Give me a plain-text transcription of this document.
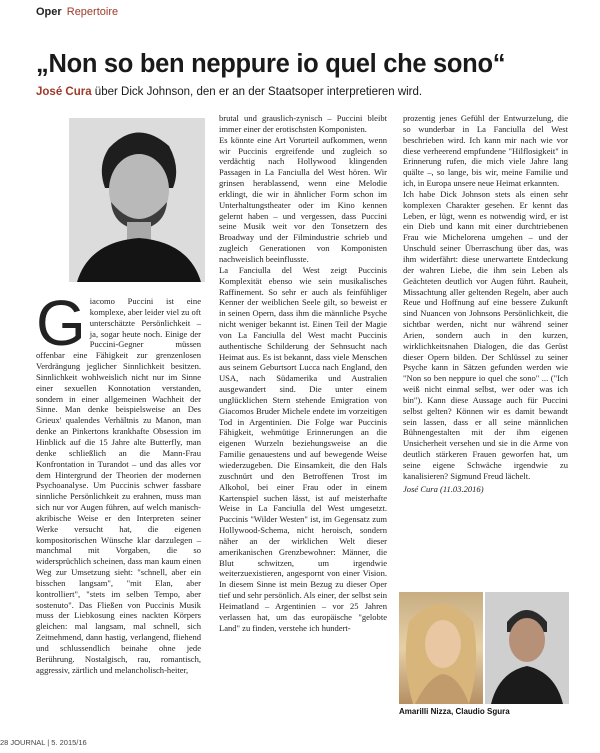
Oper Repertoire
„Non so ben neppure io quel che sono“
José Cura über Dick Johnson, den er an der Staatsoper interpretieren wird.

Giacomo Puccini ist eine komplexe, aber leider viel zu oft unterschätzte Persönlichkeit – ja, sogar heute noch. Einige der Puccini-Gegner müssen offenbar eine Fähigkeit zur grenzenlosen Verdrängung jeglicher Sinnlichkeit besitzen. Sinnlichkeit wohlweislich nicht nur im Sinne einer sexuellen Konnotation verstanden, sondern in einer allgemeinen Wachheit der Sinne. Man denke beispielsweise an Des Grieux' qualendes Verhältnis zu Manon, man denke an Pinkertons krankhafte Obsession im Hinblick auf die 15 Jahre alte Butterfly, man denke schließlich an die Mann-Frau Konfrontation in Turandot – und das alles vor dem Hintergrund der Theorien der modernen Psychoanalyse. Um Puccinis schwer fassbare sinnliche Persönlichkeit zu erahnen, muss man sich nur vor Augen führen, auf welch manisch-akribische Weise er den Interpreten seiner Werke versucht hat, die eigenen kompositorischen Wünsche klar darzulegen – manchmal mit Vorgaben, die so widersprüchlich scheinen, dass man kaum einen Weg zur Umsetzung sieht: "schnell, aber ein bisschen langsam", "mit Elan, aber kontrolliert", "stets im selben Tempo, aber sostenuto". Das Fließen von Puccinis Musik muss der Liebkosung eines nackten Körpers gleichen: mal langsam, mal schnell, sich Zeitnehmend, dann hastig, verlangend, fliehend und schlussendlich beinahe ohne jede Berührung. Nostalgisch, rau, romantisch, aggressiv, zärtlich und melancholisch-heiter,

brutal und grauslich-zynisch – Puccini bleibt immer einer der erotischsten Komponisten.

Es könnte eine Art Vorurteil aufkommen, wenn wir Puccinis ergreifende und zugleich so verdächtig nach Hollywood klingenden Passagen in La Fanciulla del West hören. Wir grinsen herablassend, wenn eine Melodie erklingt, die wir in ähnlicher Form schon im Unterhaltungstheater oder im Kino kennen gelernt haben – und vergessen, dass Puccini seine Musik weit vor den Tonsetzern des Broadway und der Filmindustrie schrieb und zugleich Generationen von Komponisten nachweislich beeinflusste.

La Fanciulla del West zeigt Puccinis Komplexität ebenso wie sein musikalisches Raffinement. So sehr er auch als feinfühliger Kenner der weiblichen Seele gilt, so beweist er in seinen Opern, dass ihm die männliche Psyche nicht weniger bekannt ist. Einen Teil der Magie von La Fanciulla del West macht Puccinis authentische Schilderung der Sehnsucht nach Heimat aus. Es ist bekannt, dass viele Menschen aus seinem Geburtsort Lucca nach England, den USA, nach Südamerika und Australien ausgewandert sind. Die unter einem unglücklichen Stern stehende Emigration von Giacomos Bruder Michele endete im vorzeitigen Tod in Argentinien. Die Folge war Puccinis Fähigkeit, wehmütige Erinnerungen an die eigenen Wurzeln beziehungsweise an die Familie genauestens und auf bewegende Weise wiederzugeben. Die Einsamkeit, die den Hals zuschnürt und den Betroffenen Trost im Alkohol, bei einer Frau oder in einem Kartenspiel suchen lässt, ist auf meisterhafte Weise in La Fanciulla del West umgesetzt. Puccinis "Wilder Westen" ist, im Gegensatz zum Hollywood-Schema, nicht heroisch, sondern näher an der wirklichen Welt dieser amerikanischen Grenzbewohner: Männer, die Blut schwitzen, um irgendwie weiterzuexistieren, angespornt von einer Vision. In diesem Sinne ist mein Bezug zu dieser Oper tief und sehr persönlich. Als einer, der selbst sein Heimatland – Argentinien – vor 25 Jahren verlassen hat, um das europäische "gelobte Land" zu finden, verstehe ich hundert-

prozentig jenes Gefühl der Entwurzelung, die so wunderbar in La Fanciulla del West beschrieben wird. Ich kann mir nach wie vor diese verheerend empfundene "Hilflosigkeit" in Erinnerung rufen, die mich viele Jahre lang quälte –, so lange, bis wir, meine Familie und ich, in Europa unsere neue Heimat erkannten.

Ich habe Dick Johnson stets als einen sehr komplexen Charakter gesehen. Er kennt das Leben, er lügt, wenn es notwendig wird, er ist ein Dieb und kann mit einer durchtriebenen Frau wie Michelorena umgehen – und der Unschuld seiner Überraschung über das, was ihm widerfährt: diese unerwartete Entdeckung der wahren Liebe, die ihm sein Leben als Geächteten deutlich vor Augen führt. Rauheit, Missachtung aller geltenden Regeln, aber auch Reue und Hoffnung auf eine bessere Zukunft sind Nuancen von Johnsons Persönlichkeit, die sichtbar werden, nicht nur während seiner Arien, sondern auch in den kurzen, wirklichkeitsnahen Dialogen, die das Gerüst dieser Opern bilden. Der Schlüssel zu seiner Psyche kann in Sätzen gefunden werden wie "Non so ben neppure io quel che sono" ... ("Ich weiß nicht einmal selbst, wer oder was ich bin"). Kann diese Aussage auch für Puccini selbst gelten? Können wir es damit bewandt sein lassen, dass er all seine männlichen Bühnengestalten mit der ihm eigenen Unsicherheit versehen und sie in die Arme von deutlich stärkeren Frauen geworfen hat, um seine eigene Schwäche irgendwie zu kanalisieren? Sigmund Freud lächelt.

José Cura (11.03.2016)

Amarilli Nizza, Claudio Sgura
28 JOURNAL | 5. 2015/16
